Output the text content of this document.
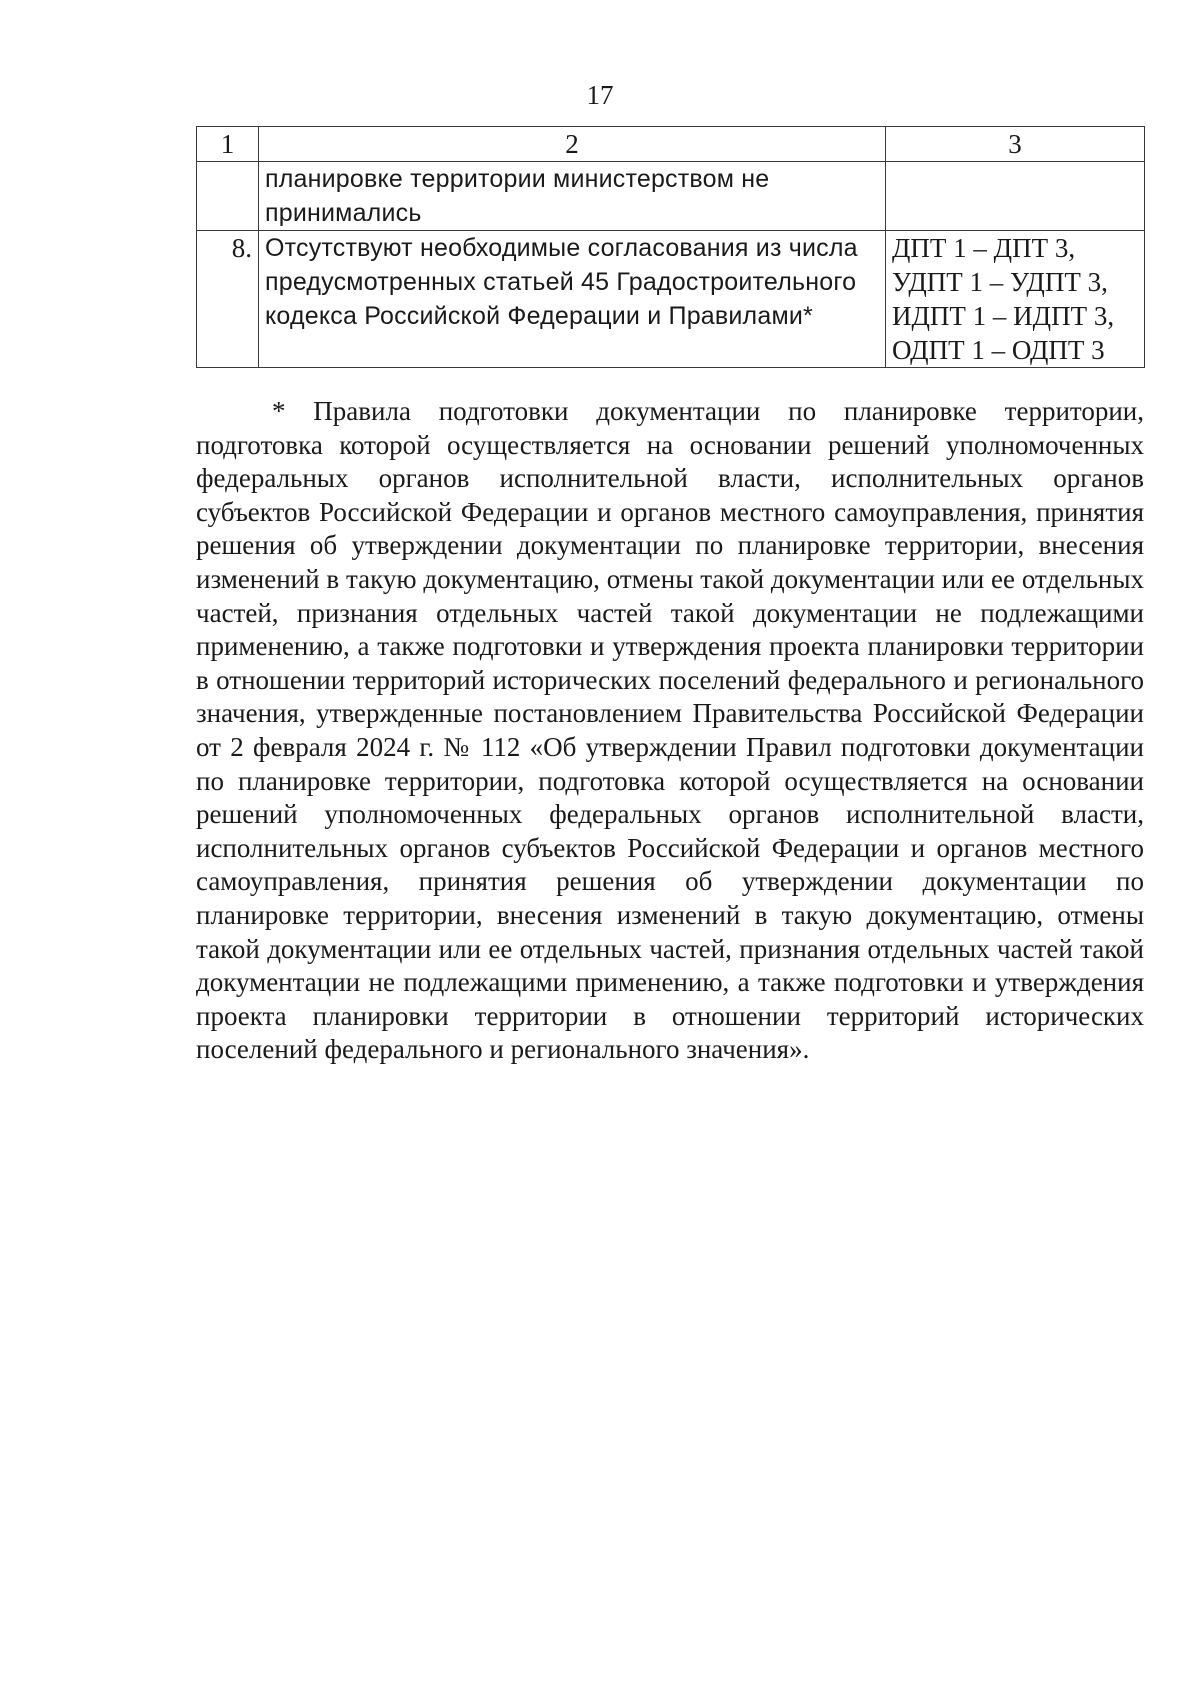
17
1	2	3
	планировке территории министерством не принимались	
8.	Отсутствуют необходимые согласования из числа предусмотренных статьей 45 Градостроительного кодекса Российской Федерации и Правилами*	ДПТ 1 – ДПТ 3,
УДПТ 1 – УДПТ 3,
ИДПТ 1 – ИДПТ 3,
ОДПТ 1 – ОДПТ 3

* Правила подготовки документации по планировке территории, подготовка которой осуществляется на основании решений уполномоченных федеральных органов исполнительной власти, исполнительных органов субъектов Российской Федерации и органов местного самоуправления, принятия решения об утверждении документации по планировке территории, внесения изменений в такую документацию, отмены такой документации или ее отдельных частей, признания отдельных частей такой документации не подлежащими применению, а также подготовки и утверждения проекта планировки территории в отношении территорий исторических поселений федерального и регионального значения, утвержденные постановлением Правительства Российской Федерации от 2 февраля 2024 г. № 112 «Об утверждении Правил подготовки документации по планировке территории, подготовка которой осуществляется на основании решений уполномоченных федеральных органов исполнительной власти, исполнительных органов субъектов Российской Федерации и органов местного самоуправления, принятия решения об утверждении документации по планировке территории, внесения изменений в такую документацию, отмены такой документации или ее отдельных частей, признания отдельных частей такой документации не подлежащими применению, а также подготовки и утверждения проекта планировки территории в отношении территорий исторических поселений федерального и регионального значения».
